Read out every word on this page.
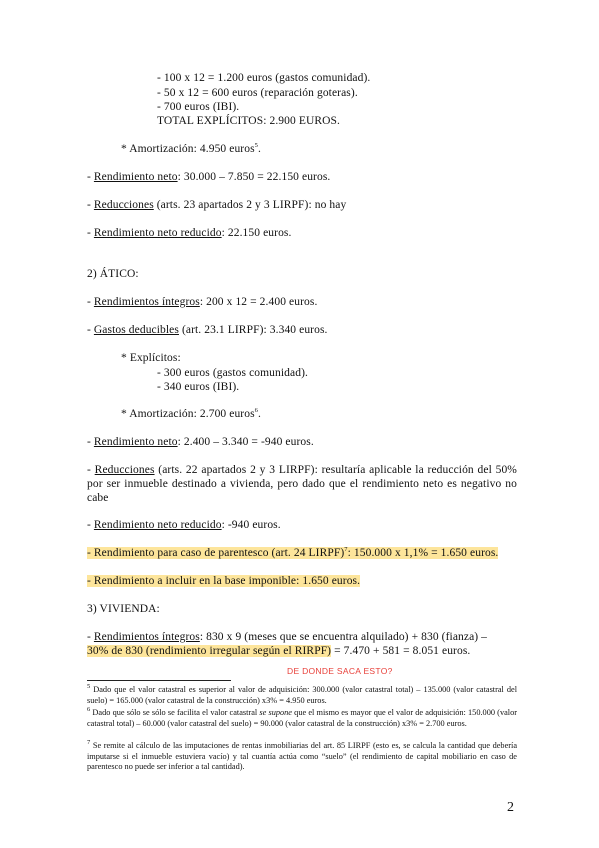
- 100 x 12 = 1.200 euros (gastos comunidad).
- 50 x 12 = 600 euros (reparación goteras).
- 700 euros (IBI).
TOTAL EXPLÍCITOS: 2.900 EUROS.
* Amortización: 4.950 euros$^5$.
- Rendimiento neto: 30.000 – 7.850 = 22.150 euros.
- Reducciones (arts. 23 apartados 2 y 3 LIRPF): no hay
- Rendimiento neto reducido: 22.150 euros.
2) ÁTICO:
- Rendimientos íntegros: 200 x 12 = 2.400 euros.
- Gastos deducibles (art. 23.1 LIRPF): 3.340 euros.
* Explícitos:
- 300 euros (gastos comunidad).
- 340 euros (IBI).
* Amortización: 2.700 euros$^6$.
- Rendimiento neto: 2.400 – 3.340 = -940 euros.
- Reducciones (arts. 22 apartados 2 y 3 LIRPF): resultaría aplicable la reducción del 50% por ser inmueble destinado a vivienda, pero dado que el rendimiento neto es negativo no cabe
- Rendimiento neto reducido: -940 euros.
- Rendimiento para caso de parentesco (art. 24 LIRPF)$^7$: 150.000 x 1,1% = 1.650 euros.
- Rendimiento a incluir en la base imponible: 1.650 euros.
3) VIVIENDA:
- Rendimientos íntegros: 830 x 9 (meses que se encuentra alquilado) + 830 (fianza) –
30% de 830 (rendimiento irregular según el RIRPF) = 7.470 + 581 = 8.051 euros.
DE DONDE SACA ESTO?
$^5$ Dado que el valor catastral es superior al valor de adquisición: 300.000 (valor catastral total) – 135.000 (valor catastral del suelo) = 165.000 (valor catastral de la construcción) x3% = 4.950 euros.
$^6$ Dado que sólo se sólo se facilita el valor catastral se supone que el mismo es mayor que el valor de adquisición: 150.000 (valor catastral total) – 60.000 (valor catastral del suelo) = 90.000 (valor catastral de la construcción) x3% = 2.700 euros.
$^7$ Se remite al cálculo de las imputaciones de rentas inmobiliarias del art. 85 LIRPF (esto es, se calcula la cantidad que debería imputarse si el inmueble estuviera vacío) y tal cuantía actúa como “suelo” (el rendimiento de capital mobiliario en caso de parentesco no puede ser inferior a tal cantidad).
2
